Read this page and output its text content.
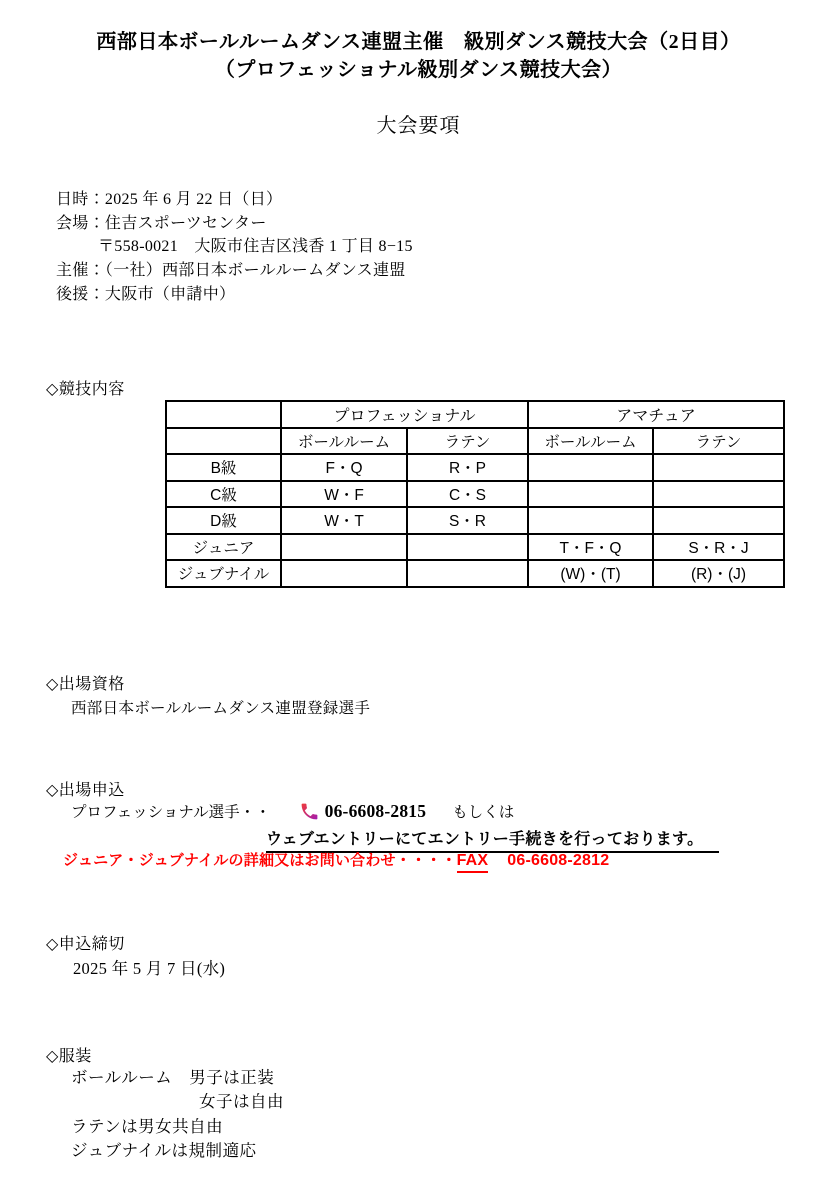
西部日本ボールルームダンス連盟主催　級別ダンス競技大会（2日目）
（プロフェッショナル級別ダンス競技大会）
大会要項
日時：2025 年 6 月 22 日（日）
会場：住吉スポーツセンター
〒558-0021　大阪市住吉区浅香 1 丁目 8−15
主催：（一社）西部日本ボールルームダンス連盟
後援：大阪市（申請中）
◇競技内容
	プロフェッショナル		アマチュア	
	ボールルーム	ラテン	ボールルーム	ラテン
B級	F・Q	R・P		
C級	W・F	C・S		
D級	W・T	S・R		
ジュニア			T・F・Q	S・R・J
ジュブナイル			(W)・(T)	(R)・(J)
◇出場資格
西部日本ボールルームダンス連盟登録選手
◇出場申込
プロフェッショナル選手・・	06-6608-2815 もしくは
ウェブエントリーにてエントリー手続きを行っております。
ジュニア・ジュブナイルの詳細又はお問い合わせ・・・・ FAX 06-6608-2812
◇申込締切
2025 年 5 月 7 日(水)
◇服装
ボールルーム　男子は正装
女子は自由
ラテンは男女共自由
ジュブナイルは規制適応
